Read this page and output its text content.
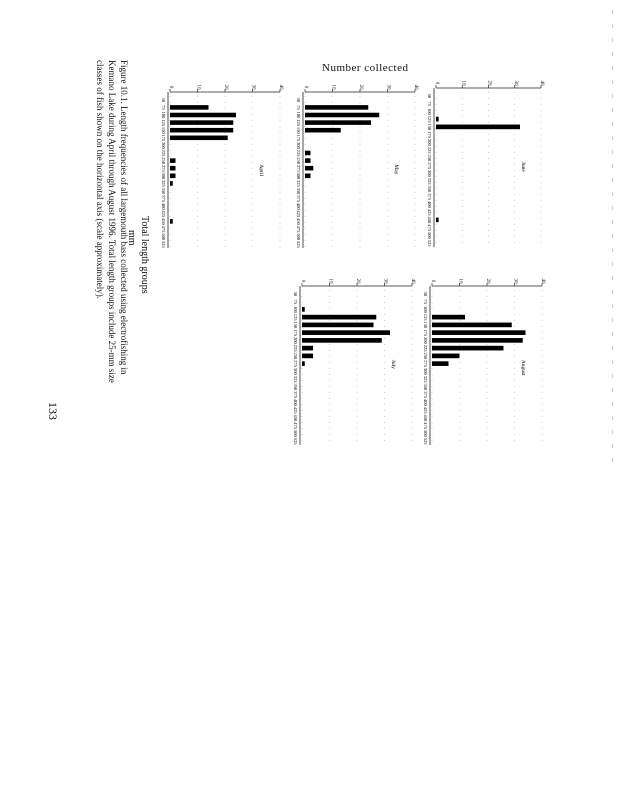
0	10	20	30	40
50
75
100
125
150
175
200
225
250
275
300
325
350
375
400
425
450
475
500
525
April
0	10	20	30	40
50
75
100
125
150
175
200
225
250
275
300
325
350
375
400
425
450
475
500
525
May
0	10	20	30	40
50
75
100
125
150
175
200
225
250
275
300
325
350
375
400
425
450
475
500
525
June
0	10	20	30	40
50
75
100
125
150
175
200
225
250
275
300
325
350
375
400
425
450
475
500
525
July
0	10	20	30	40
50
75
100
125
150
175
200
225
250
275
300
325
350
375
400
425
450
475
500
525
August
Number collected
Total length groups
mm
Figure 10.1. Length frequencies of all largemouth bass collected using electrofishing in Kemano Lake during April through August 1996. Total length groups include 25-mm size classes of fish shown on the horizontal axis (scale approximately).
133
